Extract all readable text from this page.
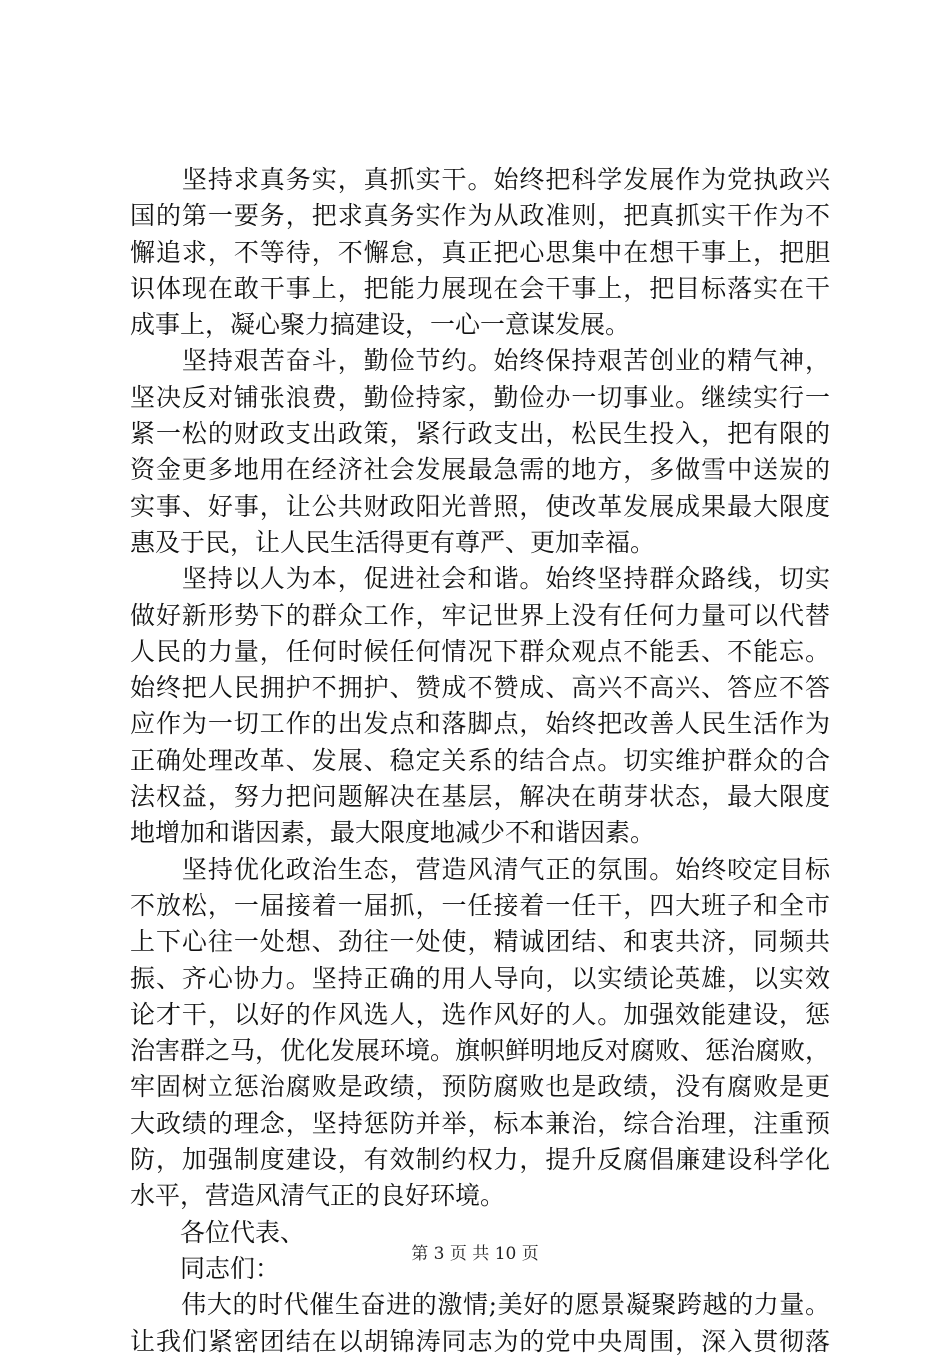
　　坚持求真务实，真抓实干。始终把科学发展作为党执政兴
国的第一要务，把求真务实作为从政准则，把真抓实干作为不
懈追求，不等待，不懈怠，真正把心思集中在想干事上，把胆
识体现在敢干事上，把能力展现在会干事上，把目标落实在干
成事上，凝心聚力搞建设，一心一意谋发展。
　　坚持艰苦奋斗，勤俭节约。始终保持艰苦创业的精气神，
坚决反对铺张浪费，勤俭持家，勤俭办一切事业。继续实行一
紧一松的财政支出政策，紧行政支出，松民生投入，把有限的
资金更多地用在经济社会发展最急需的地方，多做雪中送炭的
实事、好事，让公共财政阳光普照，使改革发展成果最大限度
惠及于民，让人民生活得更有尊严、更加幸福。
　　坚持以人为本，促进社会和谐。始终坚持群众路线，切实
做好新形势下的群众工作，牢记世界上没有任何力量可以代替
人民的力量，任何时候任何情况下群众观点不能丢、不能忘。
始终把人民拥护不拥护、赞成不赞成、高兴不高兴、答应不答
应作为一切工作的出发点和落脚点，始终把改善人民生活作为
正确处理改革、发展、稳定关系的结合点。切实维护群众的合
法权益，努力把问题解决在基层，解决在萌芽状态，最大限度
地增加和谐因素，最大限度地减少不和谐因素。
　　坚持优化政治生态，营造风清气正的氛围。始终咬定目标
不放松，一届接着一届抓，一任接着一任干，四大班子和全市
上下心往一处想、劲往一处使，精诚团结、和衷共济，同频共
振、齐心协力。坚持正确的用人导向，以实绩论英雄，以实效
论才干，以好的作风选人，选作风好的人。加强效能建设，惩
治害群之马，优化发展环境。旗帜鲜明地反对腐败、惩治腐败，
牢固树立惩治腐败是政绩，预防腐败也是政绩，没有腐败是更
大政绩的理念，坚持惩防并举，标本兼治，综合治理，注重预
防，加强制度建设，有效制约权力，提升反腐倡廉建设科学化
水平，营造风清气正的良好环境。
　　各位代表、
　　同志们：
　　伟大的时代催生奋进的激情;美好的愿景凝聚跨越的力量。
让我们紧密团结在以胡锦涛同志为的党中央周围，深入贯彻落
第 3 页 共 10 页
